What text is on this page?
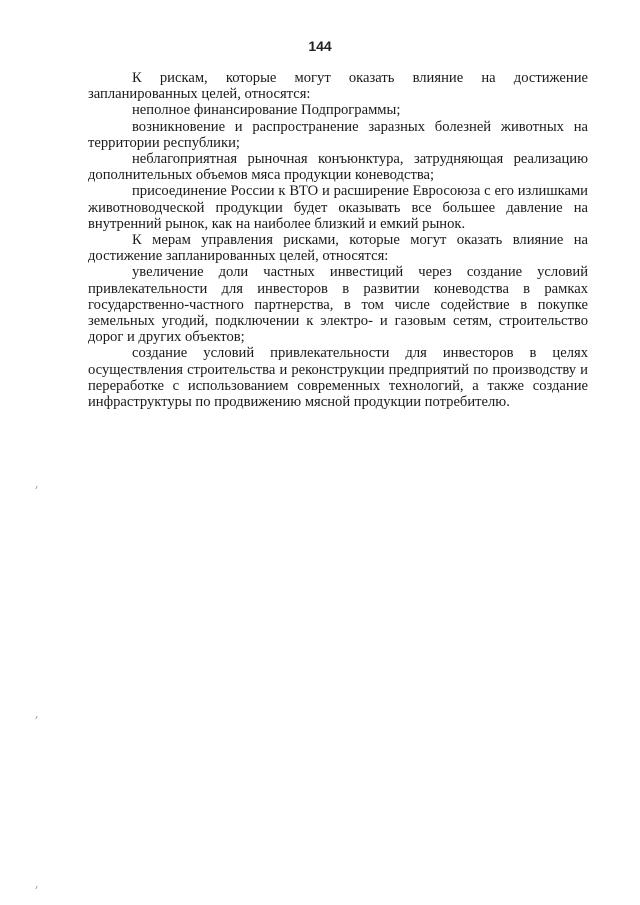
144

К рискам, которые могут оказать влияние на достижение запланированных целей, относятся:

неполное финансирование Подпрограммы;

возникновение и распространение заразных болезней животных на территории республики;

неблагоприятная рыночная конъюнктура, затрудняющая реализацию дополнительных объемов мяса продукции коневодства;

присоединение России к ВТО и расширение Евросоюза с его излишками животноводческой продукции будет оказывать все большее давление на внутренний рынок, как на наиболее близкий и емкий рынок.

К мерам управления рисками, которые могут оказать влияние на достижение запланированных целей, относятся:

увеличение доли частных инвестиций через создание условий привлекательности для инвесторов в развитии коневодства в рамках государственно-частного партнерства, в том числе содействие в покупке земельных угодий, подключении к электро- и газовым сетям, строительство дорог и других объектов;

создание условий привлекательности для инвесторов в целях осуществления строительства и реконструкции предприятий по производству и переработке с использованием современных технологий, а также создание инфраструктуры по продвижению мясной продукции потребителю.
